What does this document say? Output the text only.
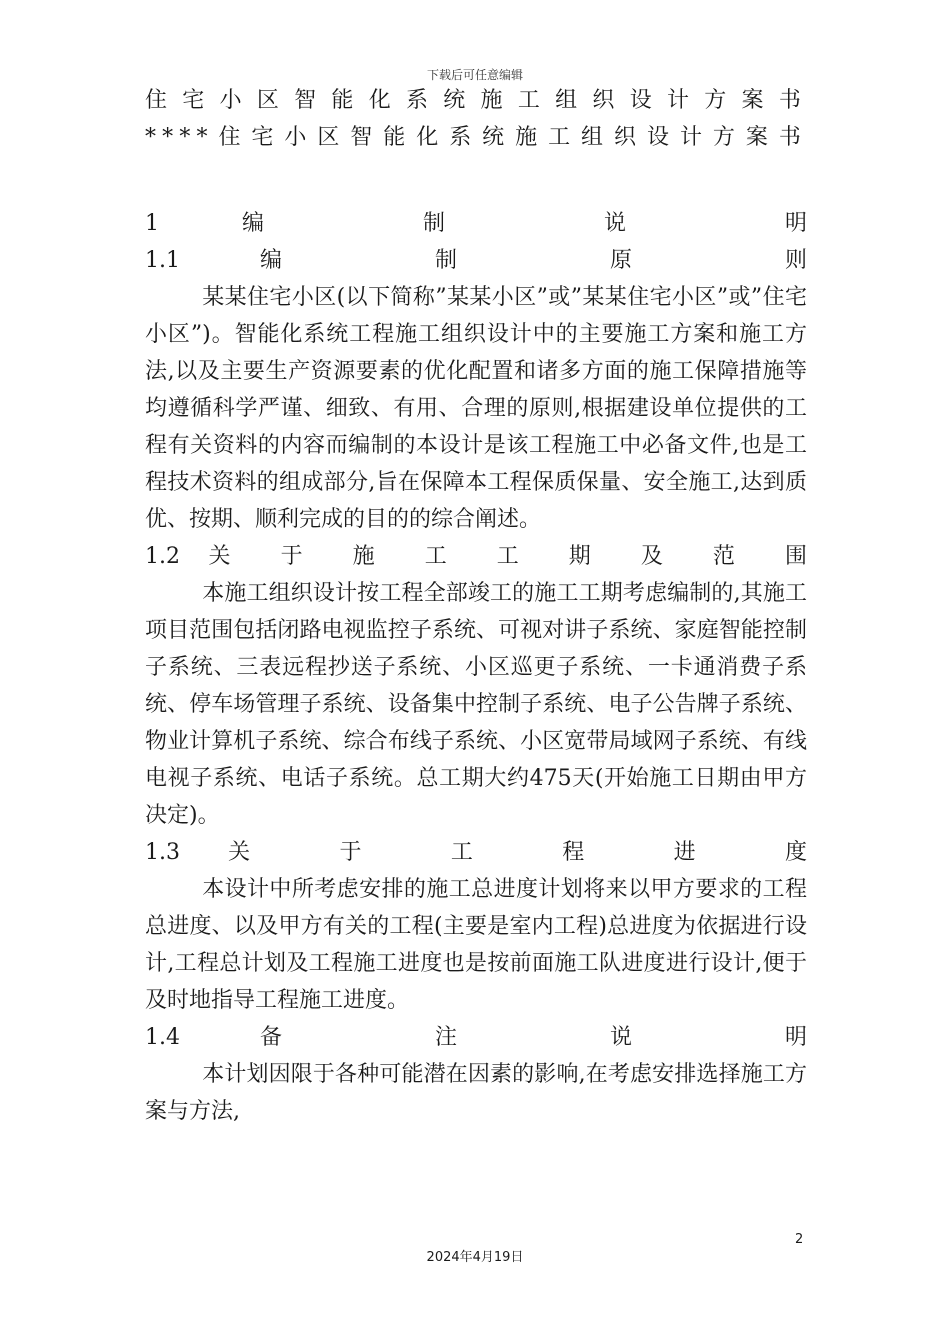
下载后可任意编辑
住宅小区智能化系统施工组织设计方案书
****住宅小区智能化系统施工组织设计方案书
1 编 制 说 明
1.1 编 制 原 则
某某住宅小区(以下简称”某某小区”或”某某住宅小区”或”住宅小区”)。智能化系统工程施工组织设计中的主要施工方案和施工方法,以及主要生产资源要素的优化配置和诸多方面的施工保障措施等均遵循科学严谨、细致、有用、合理的原则,根据建设单位提供的工程有关资料的内容而编制的本设计是该工程施工中必备文件,也是工程技术资料的组成部分,旨在保障本工程保质保量、安全施工,达到质优、按期、顺利完成的目的的综合阐述。
1.2 关 于 施 工 工 期 及 范 围
本施工组织设计按工程全部竣工的施工工期考虑编制的,其施工项目范围包括闭路电视监控子系统、可视对讲子系统、家庭智能控制子系统、三表远程抄送子系统、小区巡更子系统、一卡通消费子系统、停车场管理子系统、设备集中控制子系统、电子公告牌子系统、物业计算机子系统、综合布线子系统、小区宽带局域网子系统、有线电视子系统、电话子系统。总工期大约475天(开始施工日期由甲方决定)。
1.3 关 于 工 程 进 度
本设计中所考虑安排的施工总进度计划将来以甲方要求的工程总进度、以及甲方有关的工程(主要是室内工程)总进度为依据进行设计,工程总计划及工程施工进度也是按前面施工队进度进行设计,便于及时地指导工程施工进度。
1.4 备 注 说 明
本计划因限于各种可能潜在因素的影响,在考虑安排选择施工方案与方法,
2
2024年4月19日
